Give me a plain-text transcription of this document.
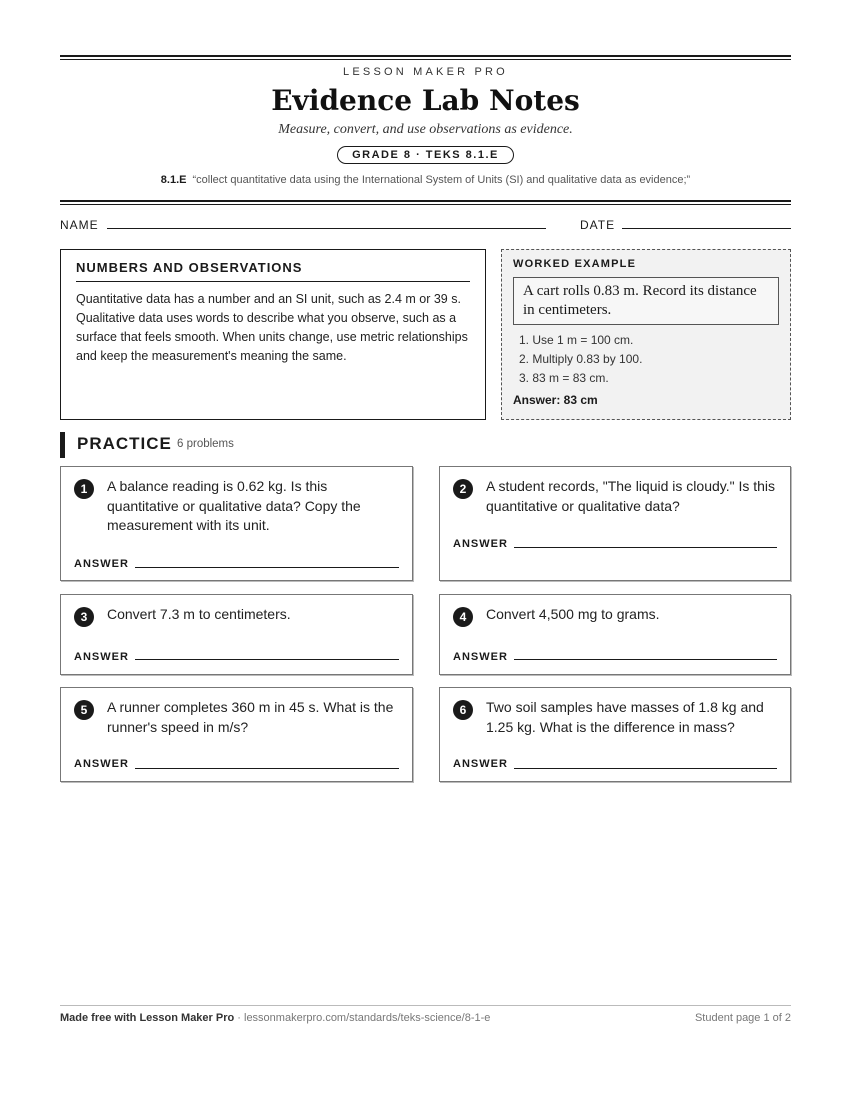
LESSON MAKER PRO
Evidence Lab Notes
Measure, convert, and use observations as evidence.
GRADE 8 · TEKS 8.1.E
8.1.E “collect quantitative data using the International System of Units (SI) and qualitative data as evidence;”
NAME	DATE
NUMBERS AND OBSERVATIONS

Quantitative data has a number and an SI unit, such as 2.4 m or 39 s. Qualitative data uses words to describe what you observe, such as a surface that feels smooth. When units change, use metric relationships and keep the measurement's meaning the same.

WORKED EXAMPLE
A cart rolls 0.83 m. Record its distance in centimeters.
1. Use 1 m = 100 cm.
2. Multiply 0.83 by 100.
3. 83 m = 83 cm.
Answer: 83 cm
PRACTICE 6 problems
1	A balance reading is 0.62 kg. Is this quantitative or qualitative data? Copy the measurement with its unit.
ANSWER
2	A student records, "The liquid is cloudy." Is this quantitative or qualitative data?
ANSWER
3	Convert 7.3 m to centimeters.
ANSWER
4	Convert 4,500 mg to grams.
ANSWER
5	A runner completes 360 m in 45 s. What is the runner's speed in m/s?
ANSWER
6	Two soil samples have masses of 1.8 kg and 1.25 kg. What is the difference in mass?
ANSWER
Made free with Lesson Maker Pro · lessonmakerpro.com/standards/teks-science/8-1-e	Student page 1 of 2
